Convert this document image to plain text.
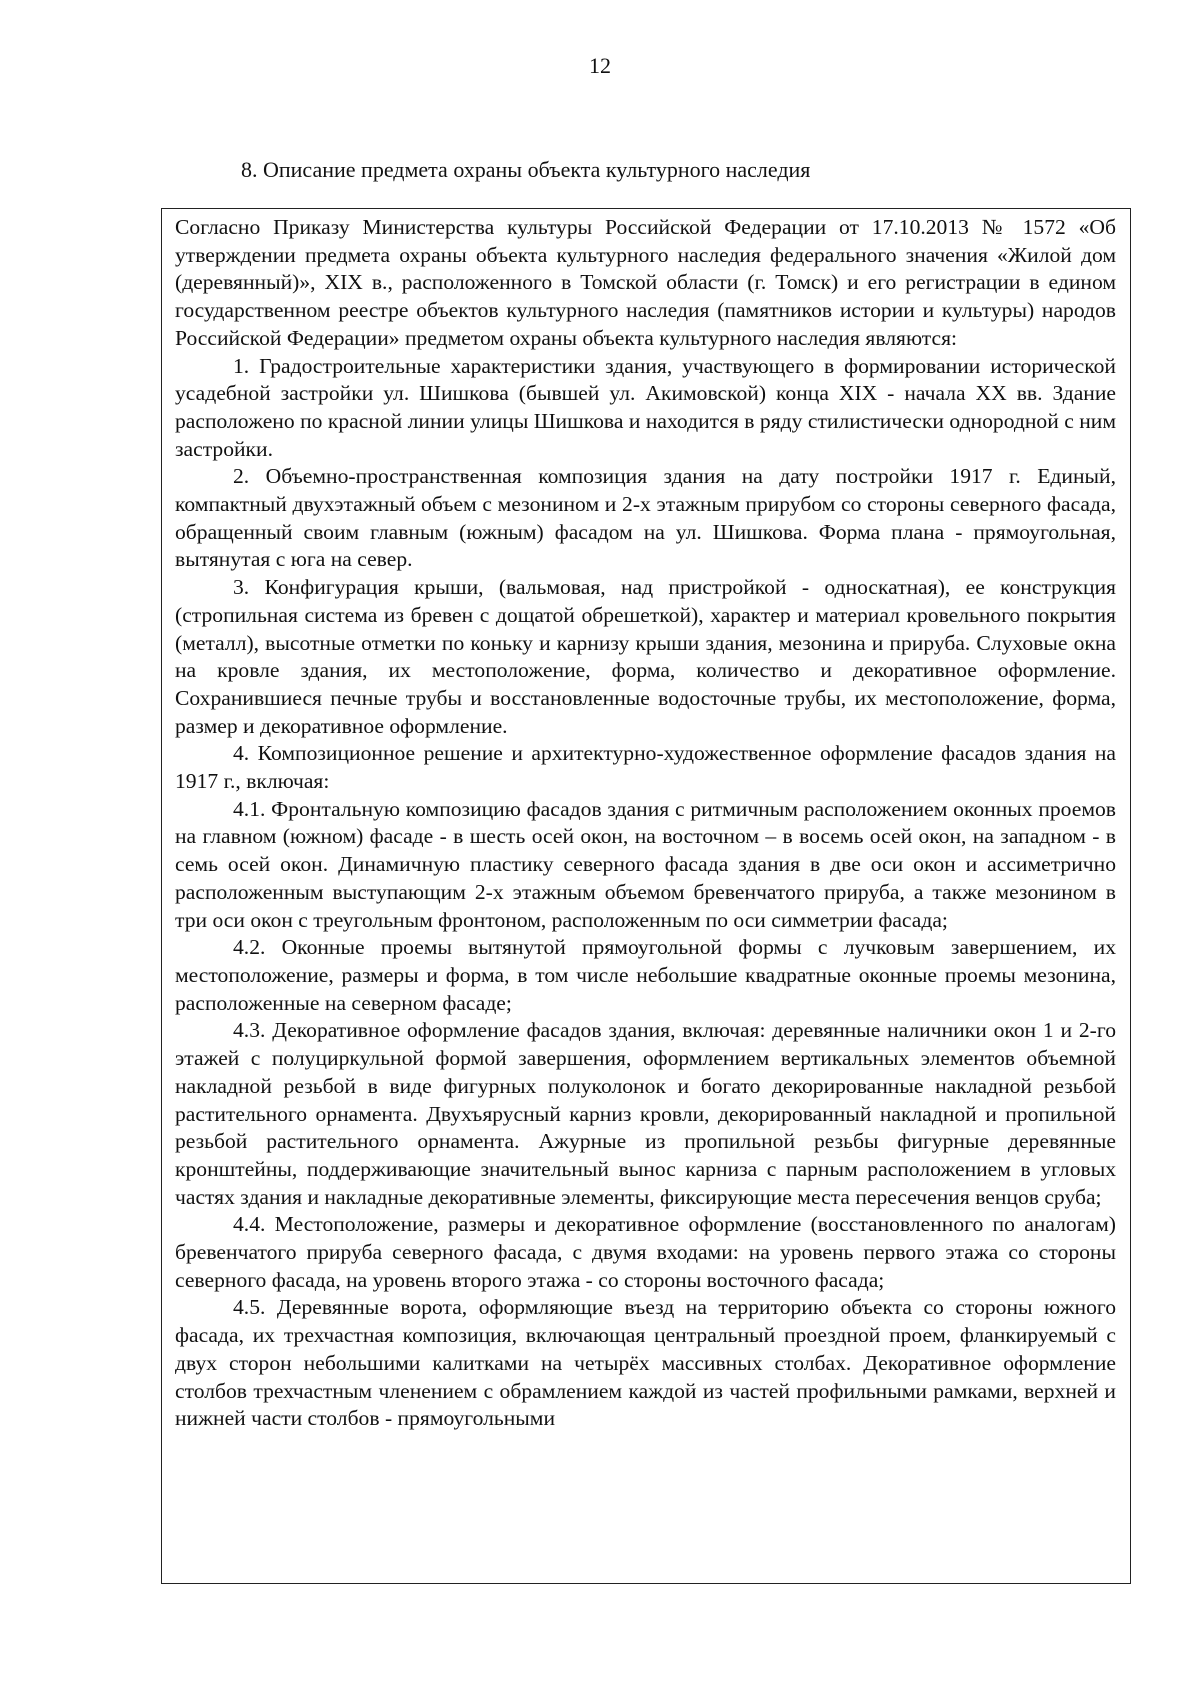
12
8. Описание предмета охраны объекта культурного наследия

Согласно Приказу Министерства культуры Российской Федерации от 17.10.2013 № 1572 «Об утверждении предмета охраны объекта культурного наследия федерального значения «Жилой дом (деревянный)», XIX в., расположенного в Томской области (г. Томск) и его регистрации в едином государственном реестре объектов культурного наследия (памятников истории и культуры) народов Российской Федерации» предметом охраны объекта культурного наследия являются:

1. Градостроительные характеристики здания, участвующего в формировании исторической усадебной застройки ул. Шишкова (бывшей ул. Акимовской) конца XIX - начала XX вв. Здание расположено по красной линии улицы Шишкова и находится в ряду стилистически однородной с ним застройки.

2. Объемно-пространственная композиция здания на дату постройки 1917 г. Единый, компактный двухэтажный объем с мезонином и 2-х этажным прирубом со стороны северного фасада, обращенный своим главным (южным) фасадом на ул. Шишкова. Форма плана - прямоугольная, вытянутая с юга на север.

3. Конфигурация крыши, (вальмовая, над пристройкой - односкатная), ее конструкция (стропильная система из бревен с дощатой обрешеткой), характер и материал кровельного покрытия (металл), высотные отметки по коньку и карнизу крыши здания, мезонина и прируба. Слуховые окна на кровле здания, их местоположение, форма, количество и декоративное оформление. Сохранившиеся печные трубы и восстановленные водосточные трубы, их местоположение, форма, размер и декоративное оформление.

4. Композиционное решение и архитектурно-художественное оформление фасадов здания на 1917 г., включая:

4.1. Фронтальную композицию фасадов здания с ритмичным расположением оконных проемов на главном (южном) фасаде - в шесть осей окон, на восточном – в восемь осей окон, на западном - в семь осей окон. Динамичную пластику северного фасада здания в две оси окон и ассиметрично расположенным выступающим 2-х этажным объемом бревенчатого прируба, а также мезонином в три оси окон с треугольным фронтоном, расположенным по оси симметрии фасада;

4.2. Оконные проемы вытянутой прямоугольной формы с лучковым завершением, их местоположение, размеры и форма, в том числе небольшие квадратные оконные проемы мезонина, расположенные на северном фасаде;

4.3. Декоративное оформление фасадов здания, включая: деревянные наличники окон 1 и 2-го этажей с полуциркульной формой завершения, оформлением вертикальных элементов объемной накладной резьбой в виде фигурных полуколонок и богато декорированные накладной резьбой растительного орнамента. Двухъярусный карниз кровли, декорированный накладной и пропильной резьбой растительного орнамента. Ажурные из пропильной резьбы фигурные деревянные кронштейны, поддерживающие значительный вынос карниза с парным расположением в угловых частях здания и накладные декоративные элементы, фиксирующие места пересечения венцов сруба;

4.4. Местоположение, размеры и декоративное оформление (восстановленного по аналогам) бревенчатого прируба северного фасада, с двумя входами: на уровень первого этажа со стороны северного фасада, на уровень второго этажа - со стороны восточного фасада;

4.5. Деревянные ворота, оформляющие въезд на территорию объекта со стороны южного фасада, их трехчастная композиция, включающая центральный проездной проем, фланкируемый с двух сторон небольшими калитками на четырёх массивных столбах. Декоративное оформление столбов трехчастным членением с обрамлением каждой из частей профильными рамками, верхней и нижней части столбов - прямоугольными
